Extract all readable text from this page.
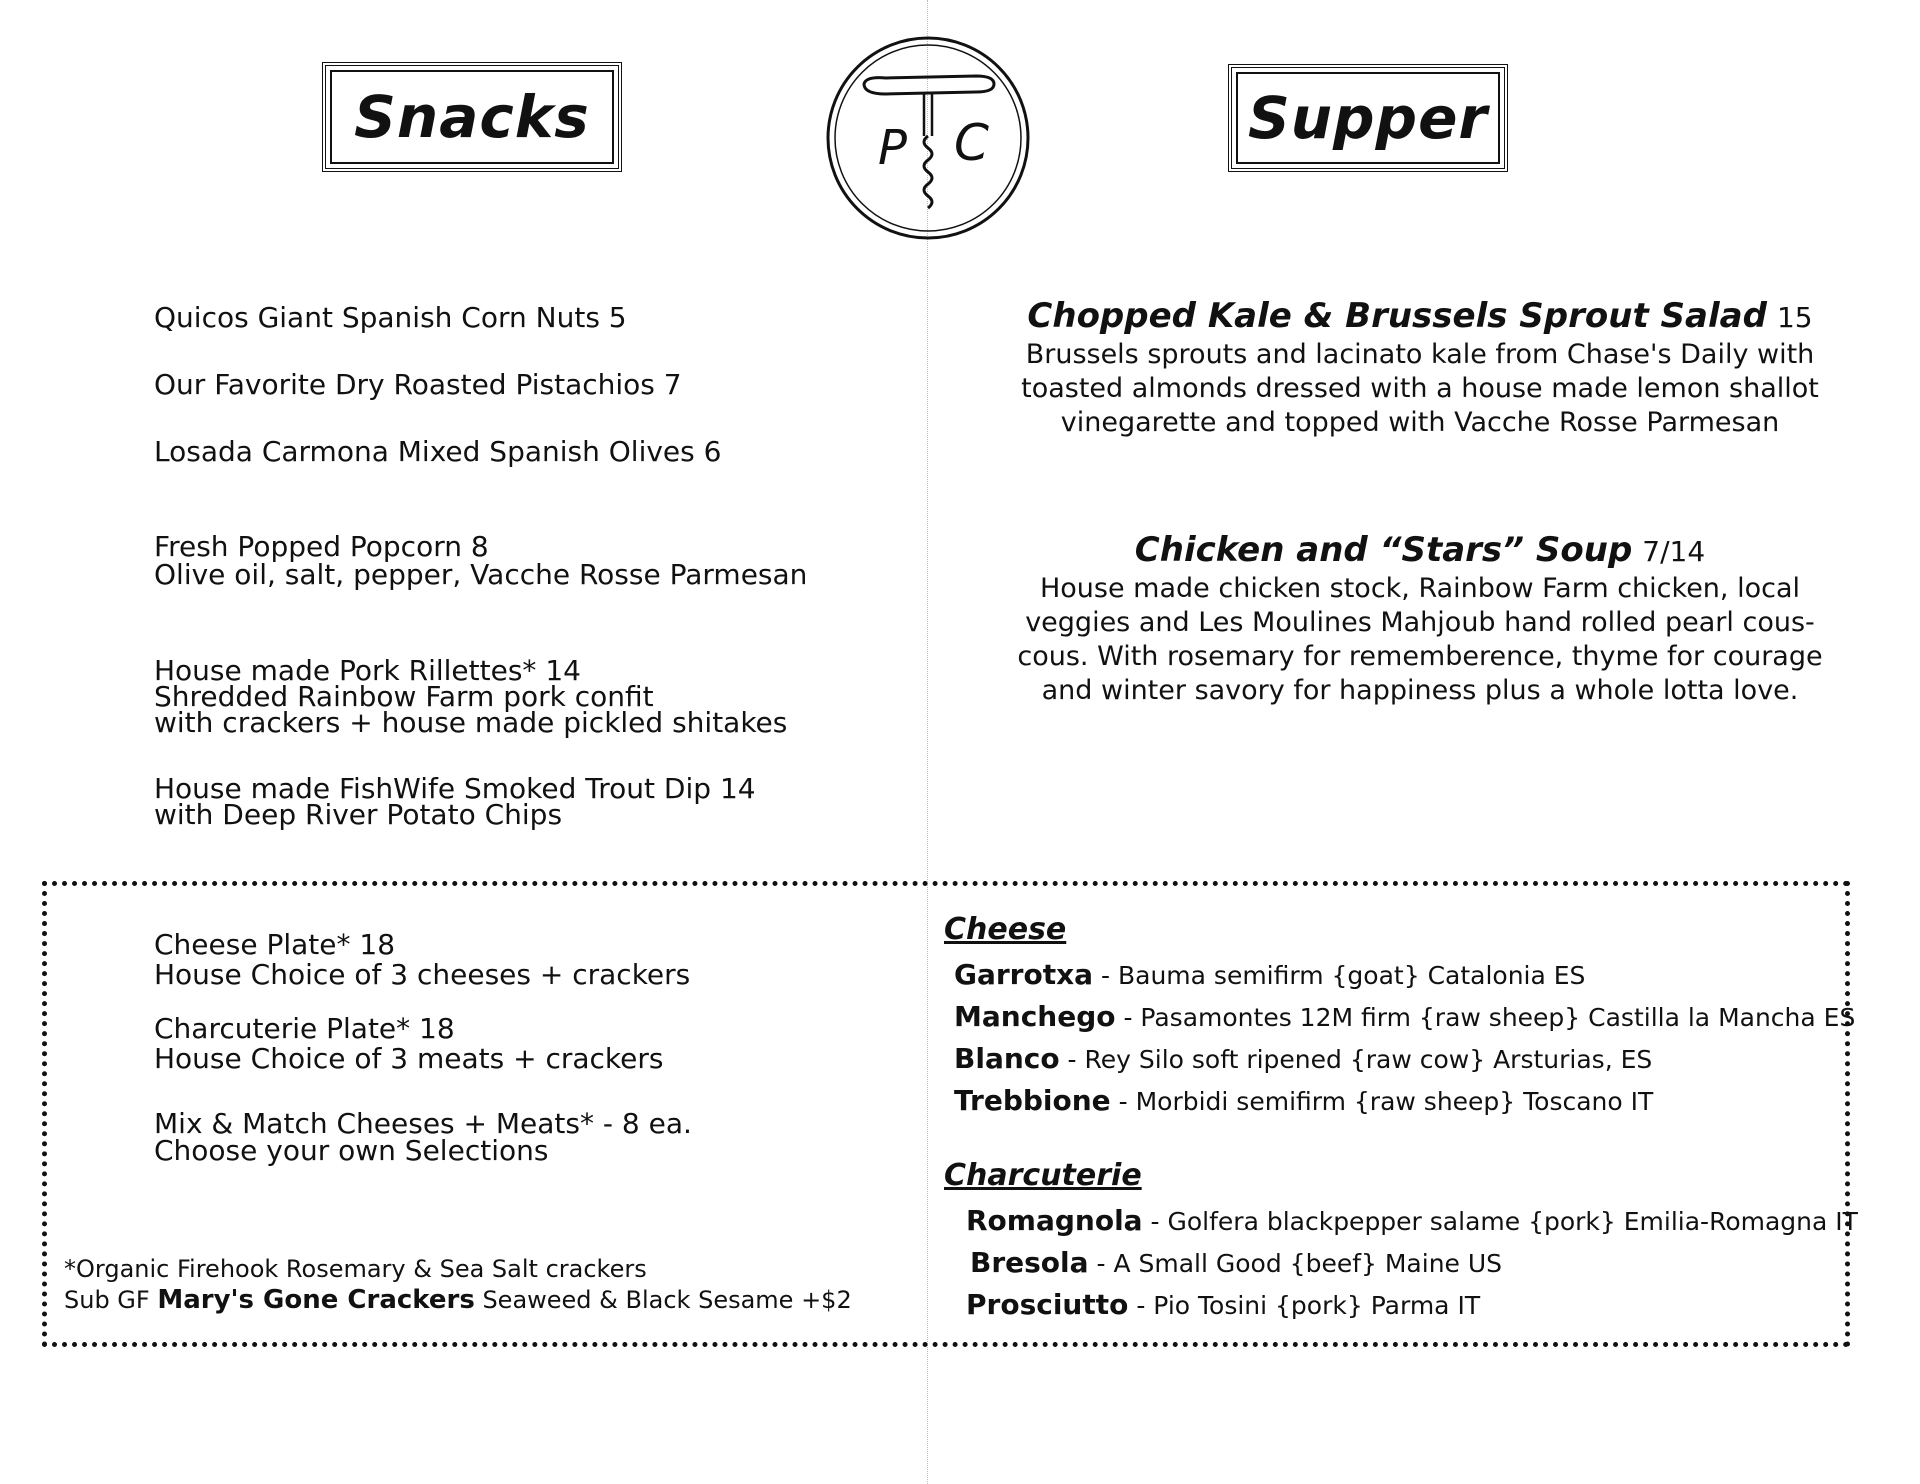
Snacks	Supper
P C
Quicos Giant Spanish Corn Nuts 5
Our Favorite Dry Roasted Pistachios 7
Losada Carmona Mixed Spanish Olives 6
Fresh Popped Popcorn 8
Olive oil, salt, pepper, Vacche Rosse Parmesan
House made Pork Rillettes* 14
Shredded Rainbow Farm pork confit
with crackers + house made pickled shitakes
House made FishWife Smoked Trout Dip 14
with Deep River Potato Chips
Chopped Kale & Brussels Sprout Salad 15
Brussels sprouts and lacinato kale from Chase's Daily with toasted almonds dressed with a house made lemon shallot vinegarette and topped with Vacche Rosse Parmesan
Chicken and “Stars” Soup 7/14
House made chicken stock, Rainbow Farm chicken, local veggies and Les Moulines Mahjoub hand rolled pearl cous-cous. With rosemary for rememberence, thyme for courage and winter savory for happiness plus a whole lotta love.
Cheese Plate* 18
House Choice of 3 cheeses + crackers
Charcuterie Plate* 18
House Choice of 3 meats + crackers
Mix & Match Cheeses + Meats* - 8 ea.
Choose your own Selections
*Organic Firehook Rosemary & Sea Salt crackers
Sub GF Mary's Gone Crackers Seaweed & Black Sesame +$2
Cheese
Garrotxa - Bauma semifirm {goat} Catalonia ES
Manchego - Pasamontes 12M firm {raw sheep} Castilla la Mancha ES
Blanco - Rey Silo soft ripened {raw cow} Arsturias, ES
Trebbione - Morbidi semifirm {raw sheep} Toscano IT
Charcuterie
Romagnola - Golfera blackpepper salame {pork} Emilia-Romagna IT
Bresola - A Small Good {beef} Maine US
Prosciutto - Pio Tosini {pork} Parma IT
